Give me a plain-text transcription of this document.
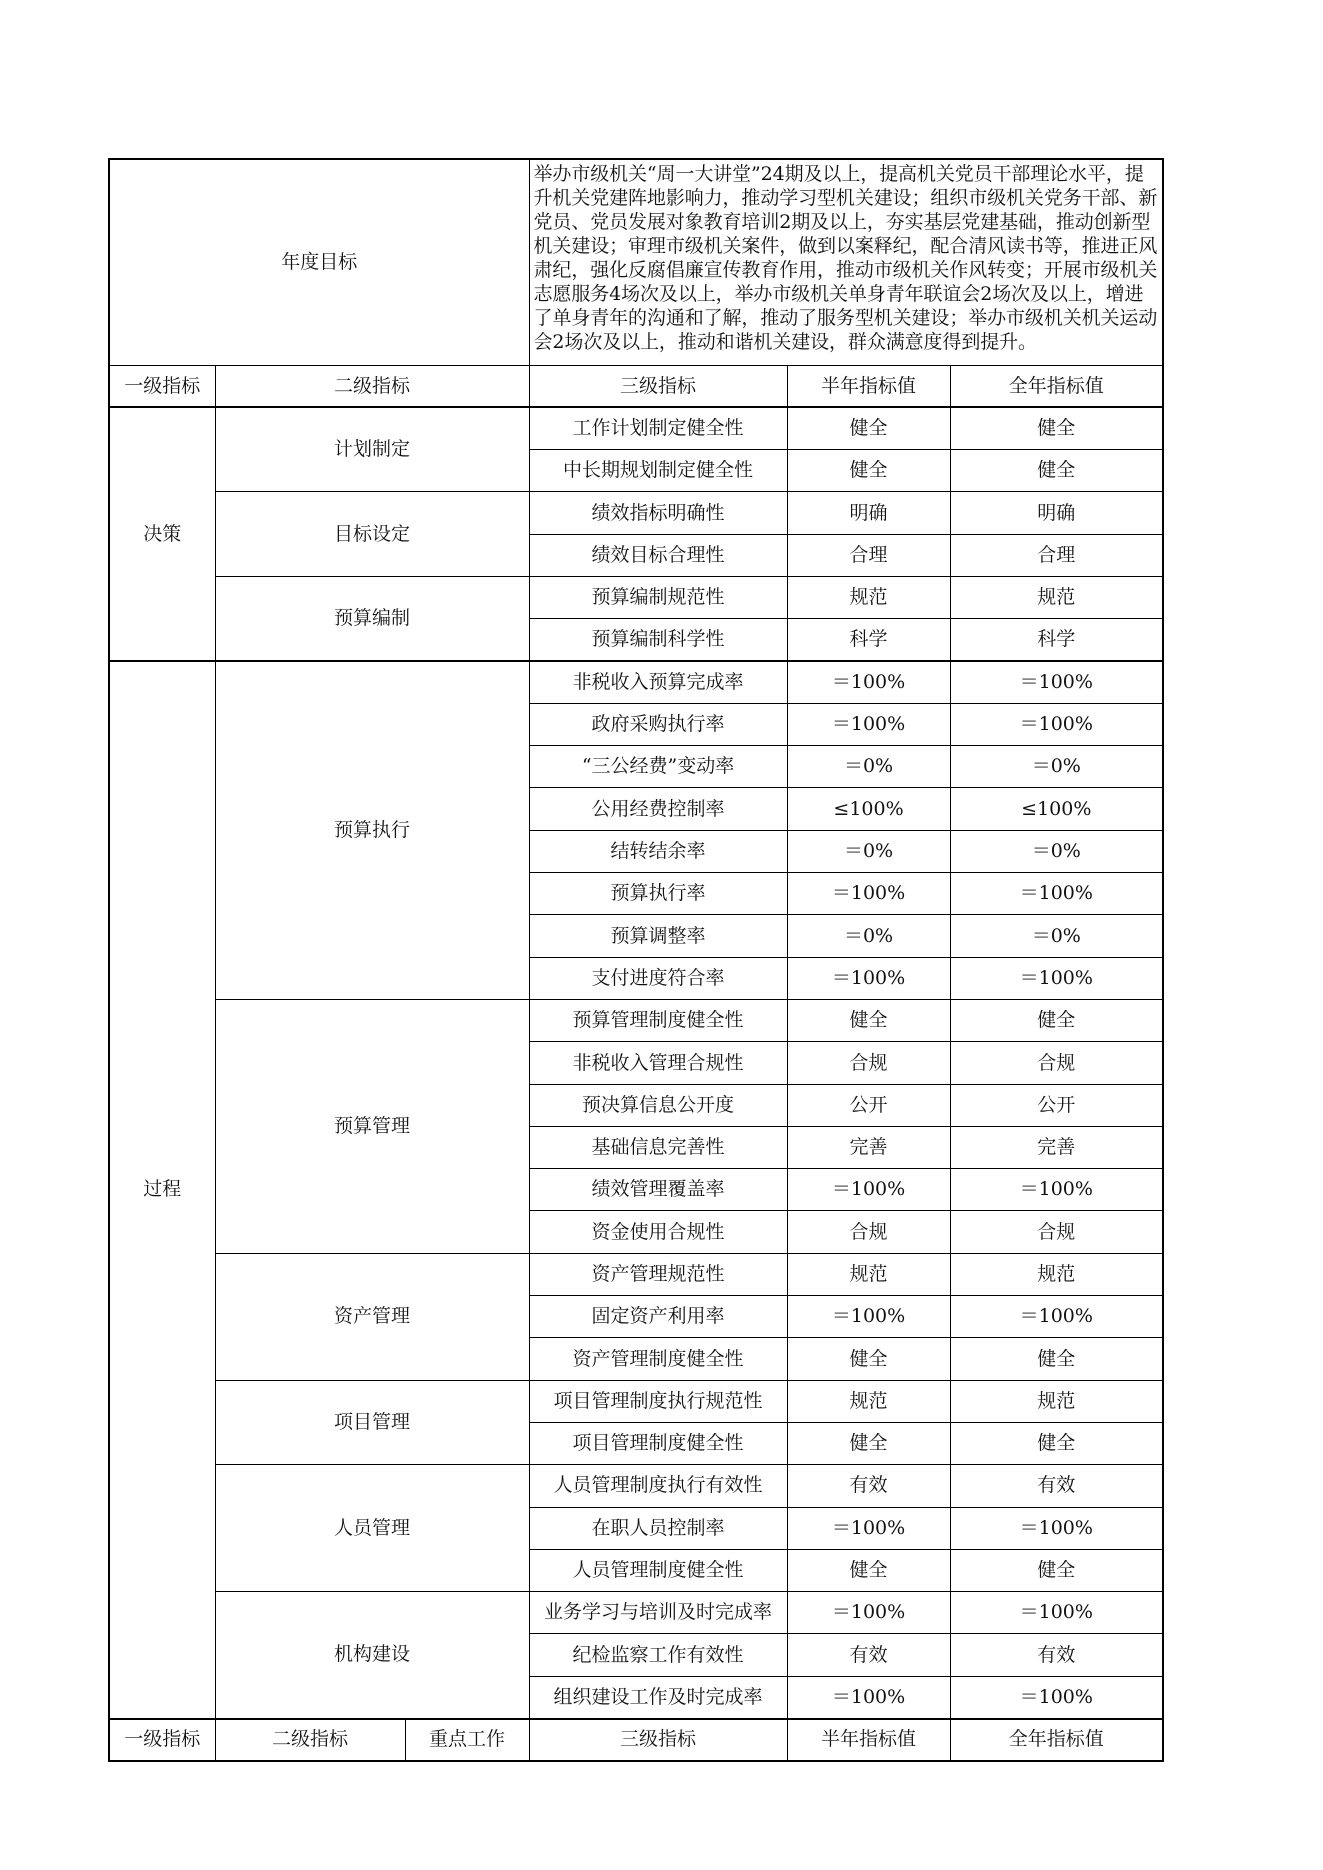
年度目标			举办市级机关“周一大讲堂”24期及以上，提高机关党员干部理论水平，提升机关党建阵地影响力，推动学习型机关建设；组织市级机关党务干部、新党员、党员发展对象教育培训2期及以上，夯实基层党建基础，推动创新型机关建设；审理市级机关案件，做到以案释纪，配合清风读书等，推进正风肃纪，强化反腐倡廉宣传教育作用，推动市级机关作风转变；开展市级机关志愿服务4场次及以上，举办市级机关单身青年联谊会2场次及以上，增进了单身青年的沟通和了解，推动了服务型机关建设；举办市级机关机关运动会2场次及以上，推动和谐机关建设，群众满意度得到提升。		
一级指标	二级指标		三级指标	半年指标值	全年指标值
决策	计划制定		工作计划制定健全性	健全	健全
			中长期规划制定健全性	健全	健全
	目标设定		绩效指标明确性	明确	明确
			绩效目标合理性	合理	合理
	预算编制		预算编制规范性	规范	规范
			预算编制科学性	科学	科学
过程	预算执行		非税收入预算完成率	＝100%	＝100%
			政府采购执行率	＝100%	＝100%
			“三公经费”变动率	＝0%	＝0%
			公用经费控制率	≤100%	≤100%
			结转结余率	＝0%	＝0%
			预算执行率	＝100%	＝100%
			预算调整率	＝0%	＝0%
			支付进度符合率	＝100%	＝100%
	预算管理		预算管理制度健全性	健全	健全
			非税收入管理合规性	合规	合规
			预决算信息公开度	公开	公开
			基础信息完善性	完善	完善
			绩效管理覆盖率	＝100%	＝100%
			资金使用合规性	合规	合规
	资产管理		资产管理规范性	规范	规范
			固定资产利用率	＝100%	＝100%
			资产管理制度健全性	健全	健全
	项目管理		项目管理制度执行规范性	规范	规范
			项目管理制度健全性	健全	健全
	人员管理		人员管理制度执行有效性	有效	有效
			在职人员控制率	＝100%	＝100%
			人员管理制度健全性	健全	健全
	机构建设		业务学习与培训及时完成率	＝100%	＝100%
			纪检监察工作有效性	有效	有效
			组织建设工作及时完成率	＝100%	＝100%
一级指标	二级指标	重点工作	三级指标	半年指标值	全年指标值
